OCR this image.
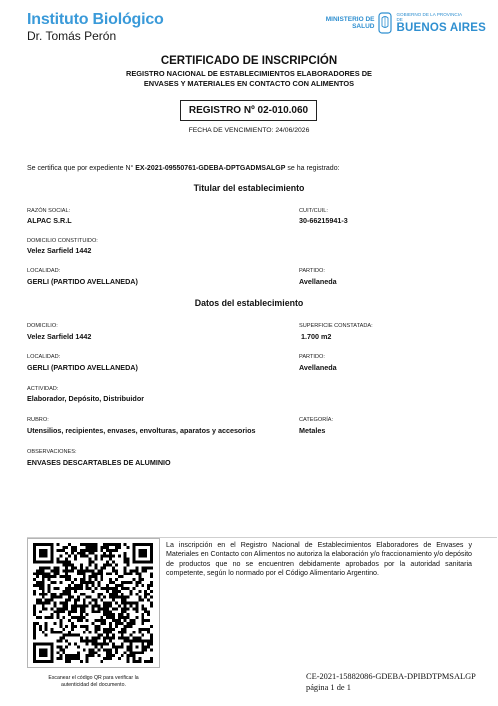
Instituto Biológico
Dr. Tomás Perón
MINISTERIO DE
SALUD
GOBIERNO DE LA PROVINCIA
DE
BUENOS AIRES
CERTIFICADO DE INSCRIPCIÓN
REGISTRO NACIONAL DE ESTABLECIMIENTOS ELABORADORES DE
ENVASES Y MATERIALES EN CONTACTO CON ALIMENTOS
REGISTRO Nº 02-010.060
FECHA DE VENCIMIENTO: 24/06/2026
Se certifica que por expediente N° EX-2021-09550761-GDEBA-DPTGADMSALGP se ha registrado:
Titular del establecimiento
RAZÓN SOCIAL:
ALPAC S.R.L
CUIT/CUIL:
30-66215941-3
DOMICILIO CONSTITUIDO:
Velez Sarfield 1442
LOCALIDAD:
GERLI (PARTIDO AVELLANEDA)
PARTIDO:
Avellaneda
Datos del establecimiento
DOMICILIO:
Velez Sarfield 1442
SUPERFICIE CONSTATADA:
1.700 m2
LOCALIDAD:
GERLI (PARTIDO AVELLANEDA)
PARTIDO:
Avellaneda
ACTIVIDAD:
Elaborador, Depósito, Distribuidor
RUBRO:
Utensilios, recipientes, envases, envolturas, aparatos y accesorios
CATEGORÍA:
Metales
OBSERVACIONES:
ENVASES DESCARTABLES DE ALUMINIO
Escanear el código QR para verificar la
autenticidad del documento.
La inscripción en el Registro Nacional de Establecimientos Elaboradores de Envases y Materiales en Contacto con Alimentos no autoriza la elaboración y/o fraccionamiento y/o depósito de productos que no se encuentren debidamente aprobados por la autoridad sanitaria competente, según lo normado por el Código Alimentario Argentino.
CE-2021-15882086-GDEBA-DPIBDTPMSALGP
página 1 de 1
